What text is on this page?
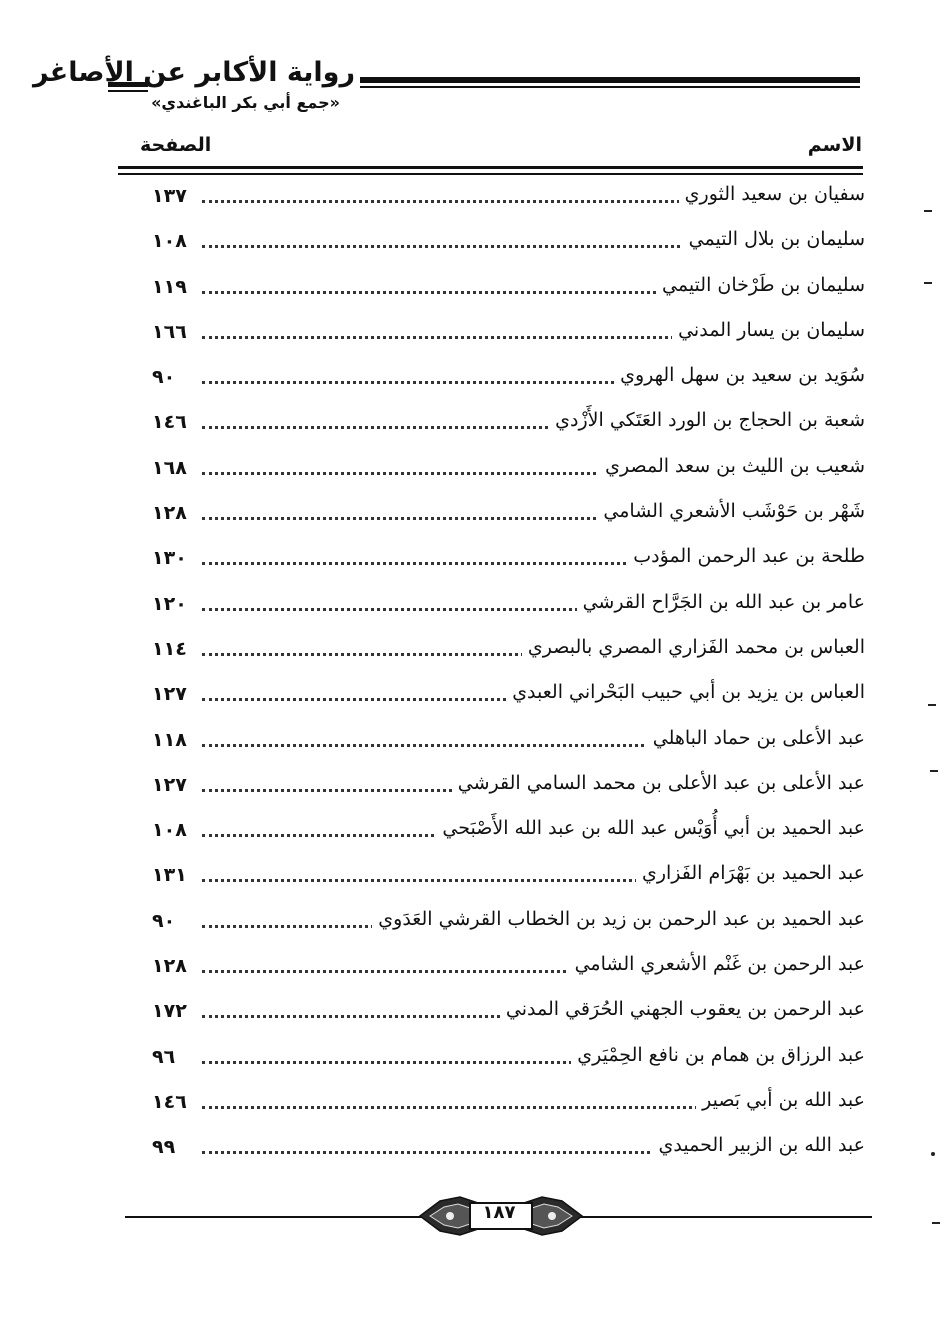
رواية الأكابر عن الأصاغر
«جمع أبي بكر الباغندي»
الاسم
الصفحة
سفيان بن سعيد الثوري
١٣٧
سليمان بن بلال التيمي
١٠٨
سليمان بن طَرْخان التيمي
١١٩
سليمان بن يسار المدني
١٦٦
سُوَيد بن سعيد بن سهل الهروي
٩٠
شعبة بن الحجاج بن الورد العَتَكي الأَزْدي
١٤٦
شعيب بن الليث بن سعد المصري
١٦٨
شَهْر بن حَوْشَب الأشعري الشامي
١٢٨
طلحة بن عبد الرحمن المؤدب
١٣٠
عامر بن عبد الله بن الجَرَّاح القرشي
١٢٠
العباس بن محمد الفَزاري المصري بالبصري
١١٤
العباس بن يزيد بن أبي حبيب البَحْراني العبدي
١٢٧
عبد الأعلى بن حماد الباهلي
١١٨
عبد الأعلى بن عبد الأعلى بن محمد السامي القرشي
١٢٧
عبد الحميد بن أبي أُوَيْس عبد الله بن عبد الله الأَصْبَحي
١٠٨
عبد الحميد بن بَهْرَام الفَزاري
١٣١
عبد الحميد بن عبد الرحمن بن زيد بن الخطاب القرشي العَدَوي
٩٠
عبد الرحمن بن غَنْم الأشعري الشامي
١٢٨
عبد الرحمن بن يعقوب الجهني الحُرَقي المدني
١٧٢
عبد الرزاق بن همام بن نافع الحِمْيَري
٩٦
عبد الله بن أبي بَصير
١٤٦
عبد الله بن الزبير الحميدي
٩٩
١٨٧
